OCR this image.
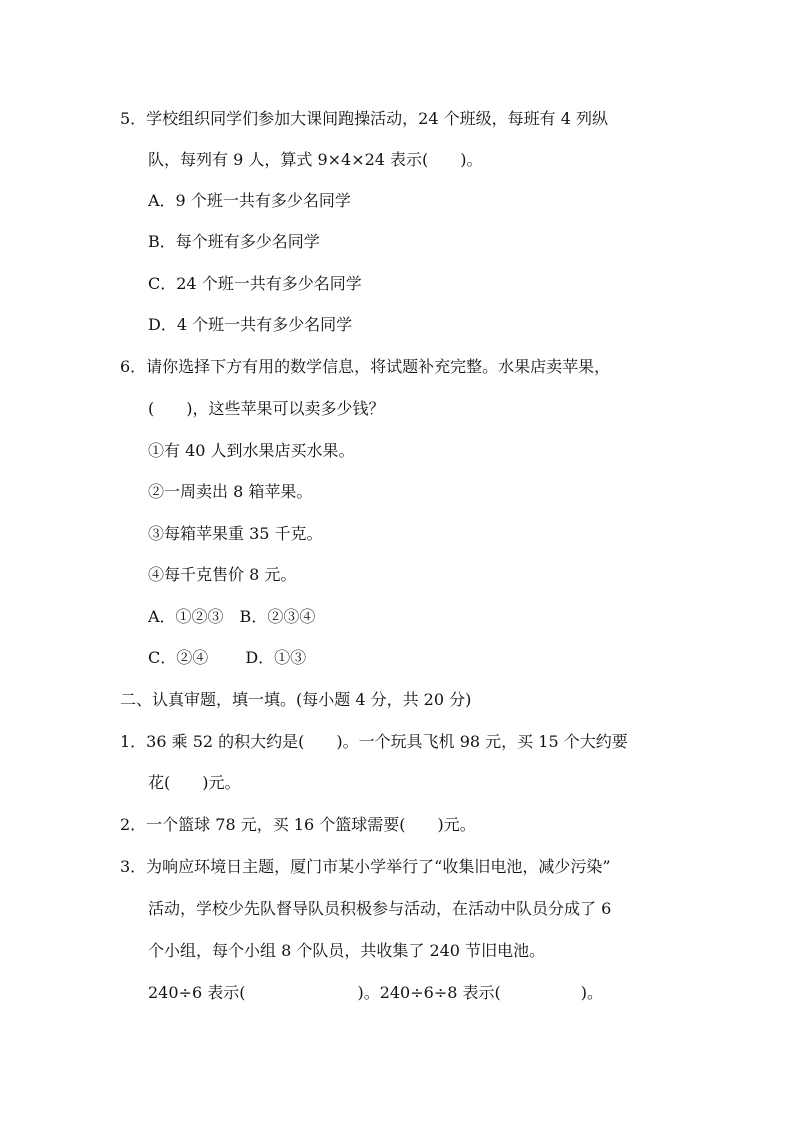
5．学校组织同学们参加大课间跑操活动，24 个班级，每班有 4 列纵
队，每列有 9 人，算式 9×4×24 表示(　　)。
A．9 个班一共有多少名同学
B．每个班有多少名同学
C．24 个班一共有多少名同学
D．4 个班一共有多少名同学
6．请你选择下方有用的数学信息，将试题补充完整。水果店卖苹果，
(　　)，这些苹果可以卖多少钱？
①有 40 人到水果店买水果。
②一周卖出 8 箱苹果。
③每箱苹果重 35 千克。
④每千克售价 8 元。
A．①②③　B．②③④
C．②④　　 D．①③
二、认真审题，填一填。(每小题 4 分，共 20 分)
1．36 乘 52 的积大约是(　　)。一个玩具飞机 98 元，买 15 个大约要
花(　　)元。
2．一个篮球 78 元，买 16 个篮球需要(　　)元。
3．为响应环境日主题，厦门市某小学举行了“收集旧电池，减少污染”
活动，学校少先队督导队员积极参与活动，在活动中队员分成了 6
个小组，每个小组 8 个队员，共收集了 240 节旧电池。
240÷6 表示(　　　　　　　)。240÷6÷8 表示(　　　　　)。
